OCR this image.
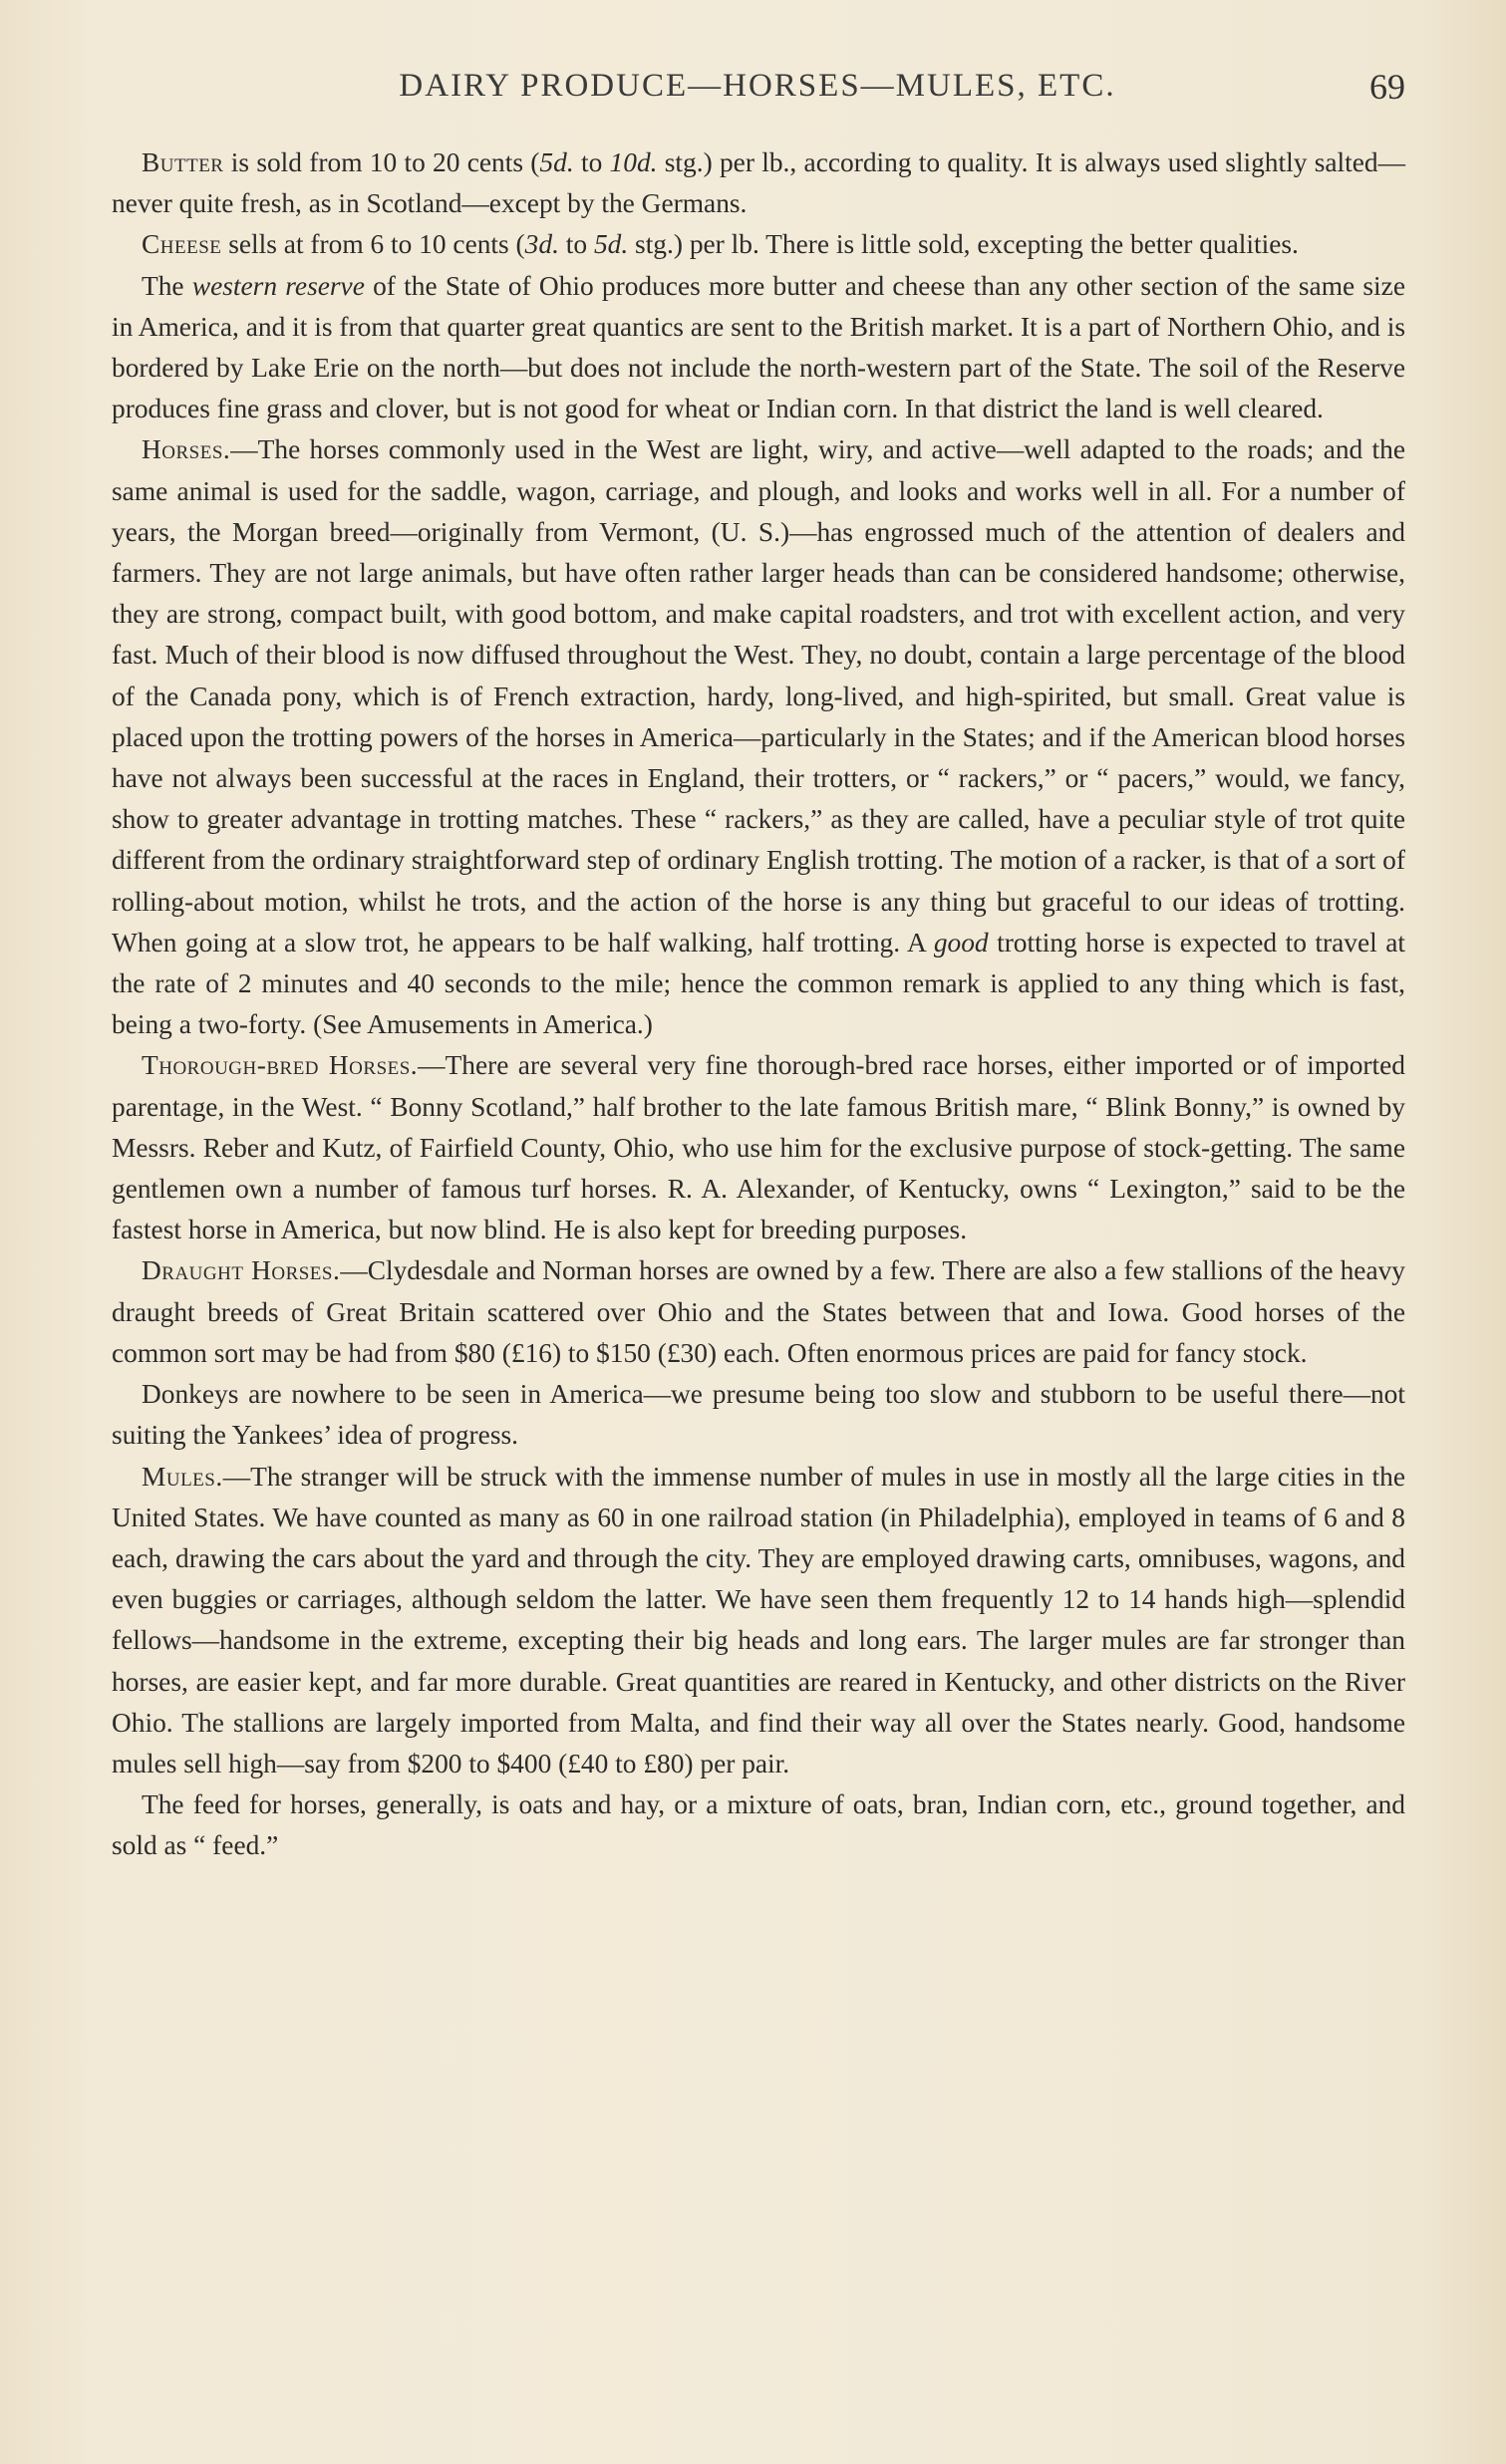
DAIRY PRODUCE—HORSES—MULES, ETC.	69

Butter is sold from 10 to 20 cents (5d. to 10d. stg.) per lb., according to quality. It is always used slightly salted—never quite fresh, as in Scotland—except by the Germans.

Cheese sells at from 6 to 10 cents (3d. to 5d. stg.) per lb. There is little sold, excepting the better qualities.

The western reserve of the State of Ohio produces more butter and cheese than any other section of the same size in America, and it is from that quarter great quantics are sent to the British market. It is a part of Northern Ohio, and is bordered by Lake Erie on the north—but does not include the north-western part of the State. The soil of the Reserve produces fine grass and clover, but is not good for wheat or Indian corn. In that district the land is well cleared.

Horses.—The horses commonly used in the West are light, wiry, and active—well adapted to the roads; and the same animal is used for the saddle, wagon, carriage, and plough, and looks and works well in all. For a number of years, the Morgan breed—originally from Vermont, (U. S.)—has engrossed much of the attention of dealers and farmers. They are not large animals, but have often rather larger heads than can be considered handsome; otherwise, they are strong, compact built, with good bottom, and make capital roadsters, and trot with excellent action, and very fast. Much of their blood is now diffused throughout the West. They, no doubt, contain a large percentage of the blood of the Canada pony, which is of French extraction, hardy, long-lived, and high-spirited, but small. Great value is placed upon the trotting powers of the horses in America—particularly in the States; and if the American blood horses have not always been successful at the races in England, their trotters, or “ rackers,” or “ pacers,” would, we fancy, show to greater advantage in trotting matches. These “ rackers,” as they are called, have a peculiar style of trot quite different from the ordinary straightforward step of ordinary English trotting. The motion of a racker, is that of a sort of rolling-about motion, whilst he trots, and the action of the horse is any thing but graceful to our ideas of trotting. When going at a slow trot, he appears to be half walking, half trotting. A good trotting horse is expected to travel at the rate of 2 minutes and 40 seconds to the mile; hence the common remark is applied to any thing which is fast, being a two-forty. (See Amusements in America.)

Thorough-bred Horses.—There are several very fine thorough-bred race horses, either imported or of imported parentage, in the West. “ Bonny Scotland,” half brother to the late famous British mare, “ Blink Bonny,” is owned by Messrs. Reber and Kutz, of Fairfield County, Ohio, who use him for the exclusive purpose of stock-getting. The same gentlemen own a number of famous turf horses. R. A. Alexander, of Kentucky, owns “ Lexington,” said to be the fastest horse in America, but now blind. He is also kept for breeding purposes.

Draught Horses.—Clydesdale and Norman horses are owned by a few. There are also a few stallions of the heavy draught breeds of Great Britain scattered over Ohio and the States between that and Iowa. Good horses of the common sort may be had from $80 (£16) to $150 (£30) each. Often enormous prices are paid for fancy stock.

Donkeys are nowhere to be seen in America—we presume being too slow and stubborn to be useful there—not suiting the Yankees’ idea of progress.

Mules.—The stranger will be struck with the immense number of mules in use in mostly all the large cities in the United States. We have counted as many as 60 in one railroad station (in Philadelphia), employed in teams of 6 and 8 each, drawing the cars about the yard and through the city. They are employed drawing carts, omnibuses, wagons, and even buggies or carriages, although seldom the latter. We have seen them frequently 12 to 14 hands high—splendid fellows—handsome in the extreme, excepting their big heads and long ears. The larger mules are far stronger than horses, are easier kept, and far more durable. Great quantities are reared in Kentucky, and other districts on the River Ohio. The stallions are largely imported from Malta, and find their way all over the States nearly. Good, handsome mules sell high—say from $200 to $400 (£40 to £80) per pair.

The feed for horses, generally, is oats and hay, or a mixture of oats, bran, Indian corn, etc., ground together, and sold as “ feed.”
